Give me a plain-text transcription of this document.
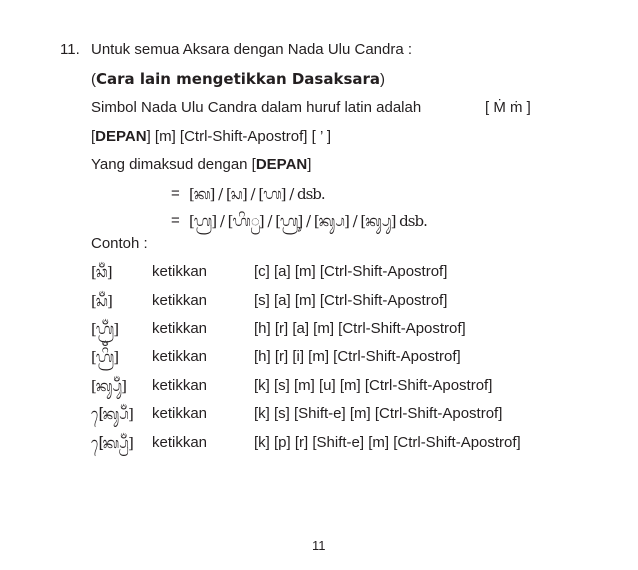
11. Untuk semua Aksara dengan Nada Ulu Candra :
(Cara lain mengetikkan Dasaksara)
Simbol Nada Ulu Candra dalam huruf latin adalah	[ Ṁ ṁ ]
[DEPAN] [m] [Ctrl-Shift-Apostrof] [ ’ ]
Yang dimaksud dengan [DEPAN]
= [ᬓ] / [ᬲ] / [ᬳ] / dsb.
= [ᬳ᭄ᬭ] / [ᬳᬶ᭄ᬭ] / [ᬳ᭄ᬭᬸ] / [ᬓ᭄ᬲ] / [ᬓ᭄ᬲᬸ] dsb.
Contoh :
[ᬘᬁ]	ketikkan	[c] [a] [m] [Ctrl-Shift-Apostrof]
[ᬲᬁ]	ketikkan	[s] [a] [m] [Ctrl-Shift-Apostrof]
[ᬳ᭄ᬭᬁ] ketikkan	[h] [r] [a] [m] [Ctrl-Shift-Apostrof]
[ᬳ᭄ᬭᬶᬁ] ketikkan	[h] [r] [i] [m] [Ctrl-Shift-Apostrof]
[ᬓ᭄ᬲᬸᬁ] ketikkan	[k] [s] [m] [u] [m] [Ctrl-Shift-Apostrof]
[ᬾᬓ᭄ᬲᬁ] ketikkan	[k] [s] [Shift-e] [m] [Ctrl-Shift-Apostrof]
[ᬾᬓ᭄ᬧ᭄ᬭᬁ] ketikkan	[k] [p] [r] [Shift-e] [m] [Ctrl-Shift-Apostrof]
11
